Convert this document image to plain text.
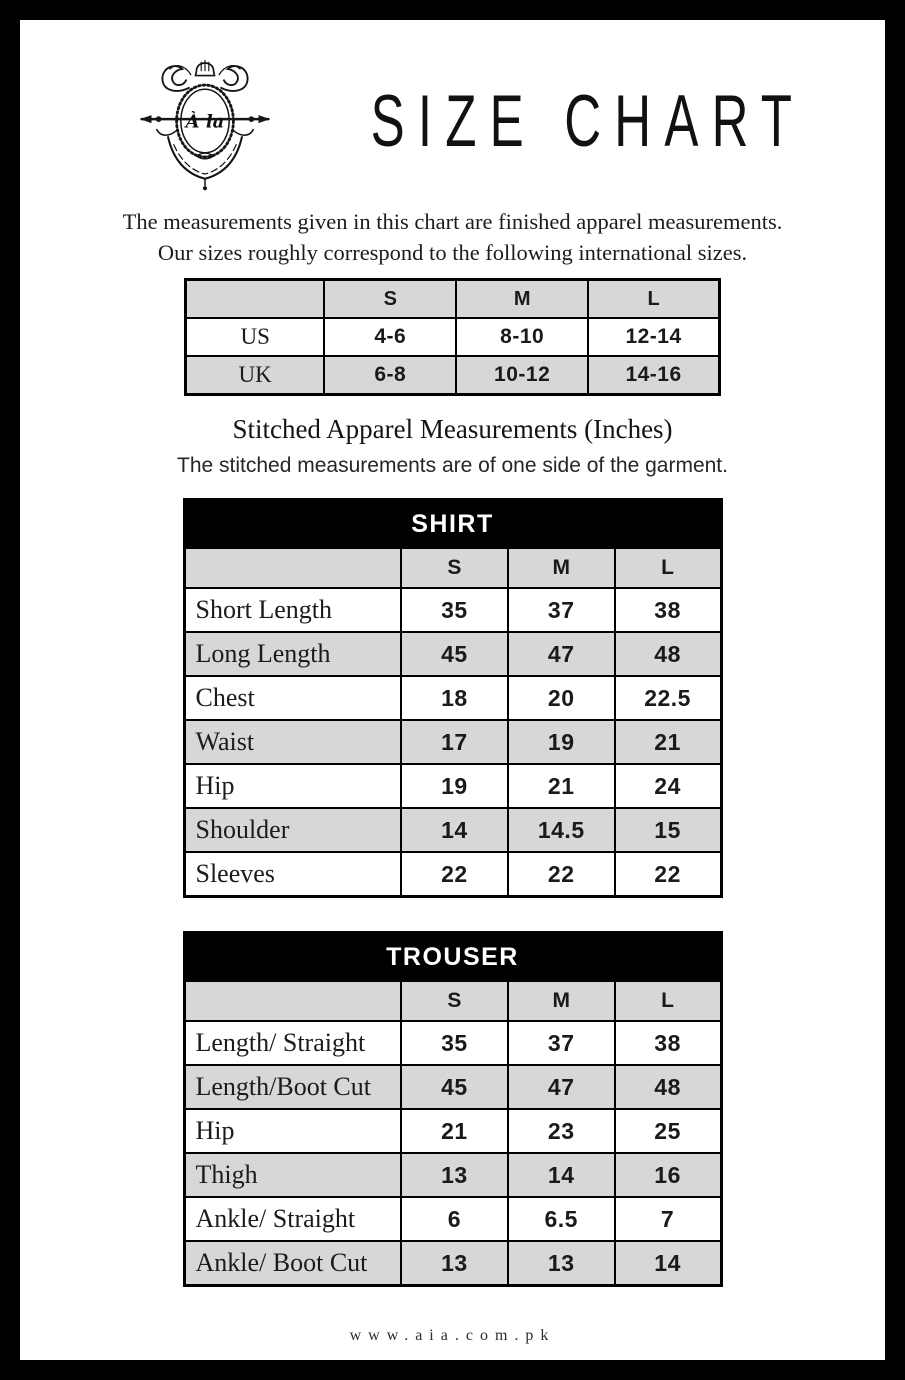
À la	SIZE CHART
The measurements given in this chart are finished apparel measurements.
Our sizes roughly correspond to the following international sizes.
	S	M	L
US	4-6	8-10	12-14
UK	6-8	10-12	14-16
Stitched Apparel Measurements (Inches)
The stitched measurements are of one side of the garment.
SHIRT			
	S	M	L
Short Length	35	37	38
Long Length	45	47	48
Chest	18	20	22.5
Waist	17	19	21
Hip	19	21	24
Shoulder	14	14.5	15
Sleeves	22	22	22
TROUSER			
	S	M	L
Length/ Straight	35	37	38
Length/Boot Cut	45	47	48
Hip	21	23	25
Thigh	13	14	16
Ankle/ Straight	6	6.5	7
Ankle/ Boot Cut	13	13	14
www.aia.com.pk
